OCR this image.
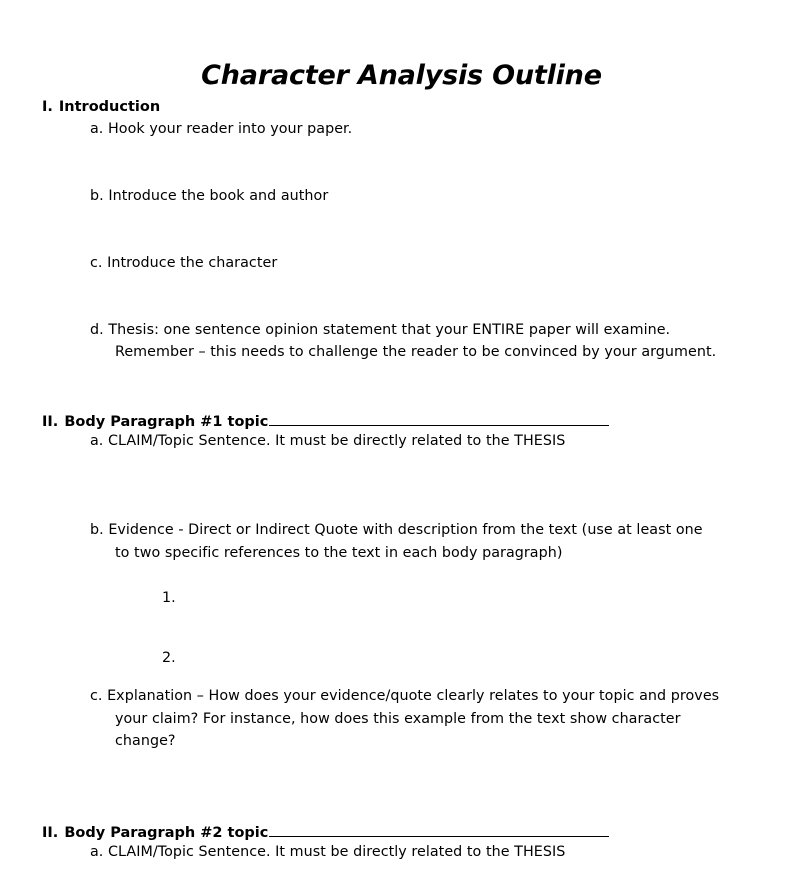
Character Analysis Outline
I. Introduction
a. Hook your reader into your paper.
b. Introduce the book and author
c. Introduce the character
d. Thesis: one sentence opinion statement that your ENTIRE paper will examine.
Remember – this needs to challenge the reader to be convinced by your argument.
II. Body Paragraph #1 topic
a. CLAIM/Topic Sentence. It must be directly related to the THESIS
b. Evidence - Direct or Indirect Quote with description from the text (use at least one
to two specific references to the text in each body paragraph)
1.
2.
c. Explanation – How does your evidence/quote clearly relates to your topic and proves
your claim? For instance, how does this example from the text show character
change?
II. Body Paragraph #2 topic
a. CLAIM/Topic Sentence. It must be directly related to the THESIS
